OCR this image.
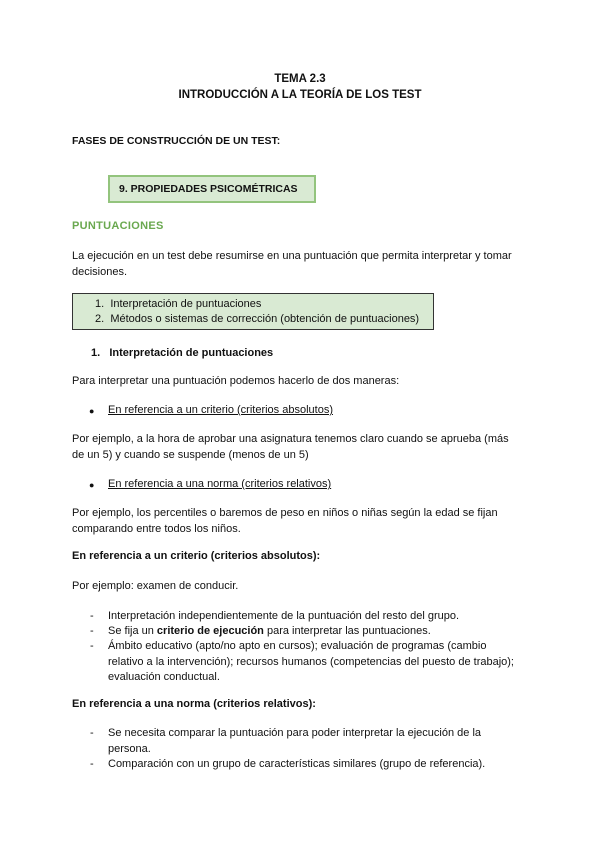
TEMA 2.3
INTRODUCCIÓN A LA TEORÍA DE LOS TEST
FASES DE CONSTRUCCIÓN DE UN TEST:
9. PROPIEDADES PSICOMÉTRICAS
PUNTUACIONES
La ejecución en un test debe resumirse en una puntuación que permita interpretar y tomar
decisiones.
1. Interpretación de puntuaciones
2. Métodos o sistemas de corrección (obtención de puntuaciones)
1. Interpretación de puntuaciones
Para interpretar una puntuación podemos hacerlo de dos maneras:
● En referencia a un criterio (criterios absolutos)
Por ejemplo, a la hora de aprobar una asignatura tenemos claro cuando se aprueba (más
de un 5) y cuando se suspende (menos de un 5)
● En referencia a una norma (criterios relativos)
Por ejemplo, los percentiles o baremos de peso en niños o niñas según la edad se fijan
comparando entre todos los niños.
En referencia a un criterio (criterios absolutos):
Por ejemplo: examen de conducir.
- Interpretación independientemente de la puntuación del resto del grupo.
- Se fija un criterio de ejecución para interpretar las puntuaciones.
- Ámbito educativo (apto/no apto en cursos); evaluación de programas (cambio
relativo a la intervención); recursos humanos (competencias del puesto de trabajo);
evaluación conductual.
En referencia a una norma (criterios relativos):
- Se necesita comparar la puntuación para poder interpretar la ejecución de la
persona.
- Comparación con un grupo de características similares (grupo de referencia).
